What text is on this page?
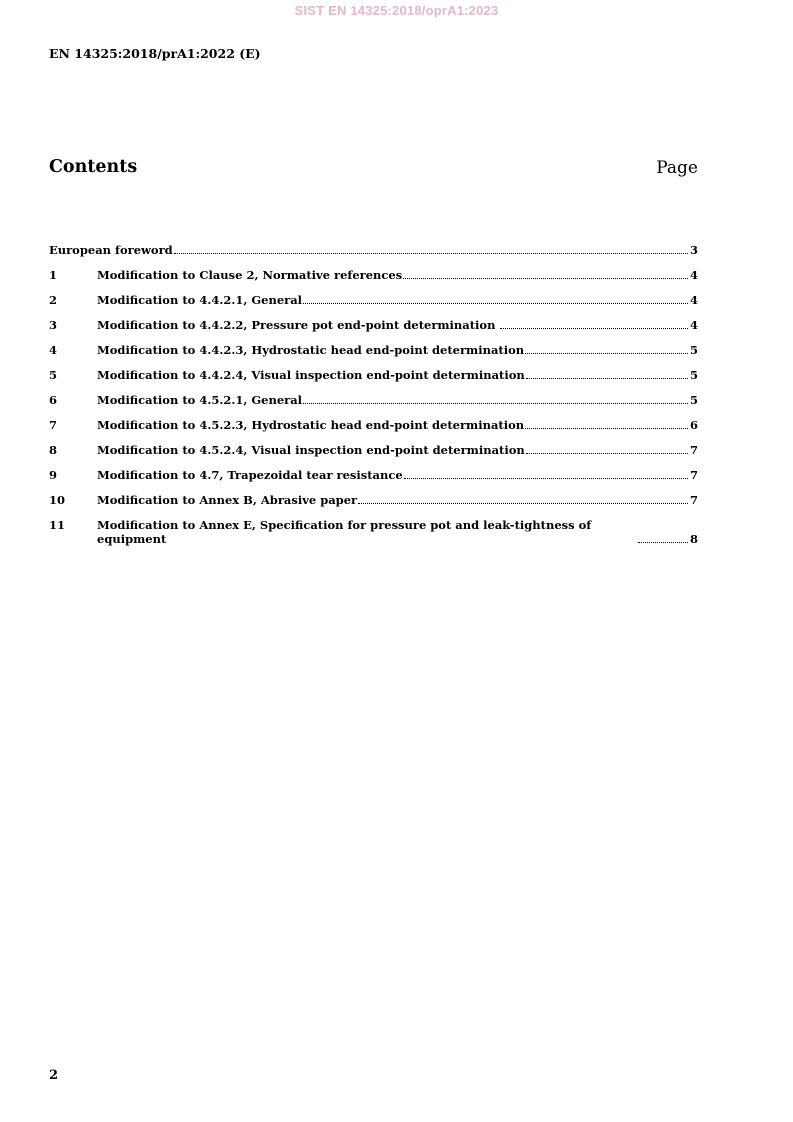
SIST EN 14325:2018/oprA1:2023
EN 14325:2018/prA1:2022 (E)
Contents	Page
European foreword	3
1	Modification to Clause 2, Normative references	4
2	Modification to 4.4.2.1, General	4
3	Modification to 4.4.2.2, Pressure pot end-point determination	4
4	Modification to 4.4.2.3, Hydrostatic head end-point determination	5
5	Modification to 4.4.2.4, Visual inspection end-point determination	5
6	Modification to 4.5.2.1, General	5
7	Modification to 4.5.2.3, Hydrostatic head end-point determination	6
8	Modification to 4.5.2.4, Visual inspection end-point determination	7
9	Modification to 4.7, Trapezoidal tear resistance	7
10	Modification to Annex B, Abrasive paper	7
11	Modification to Annex E, Specification for pressure pot and leak-tightness of equipment	8
2
